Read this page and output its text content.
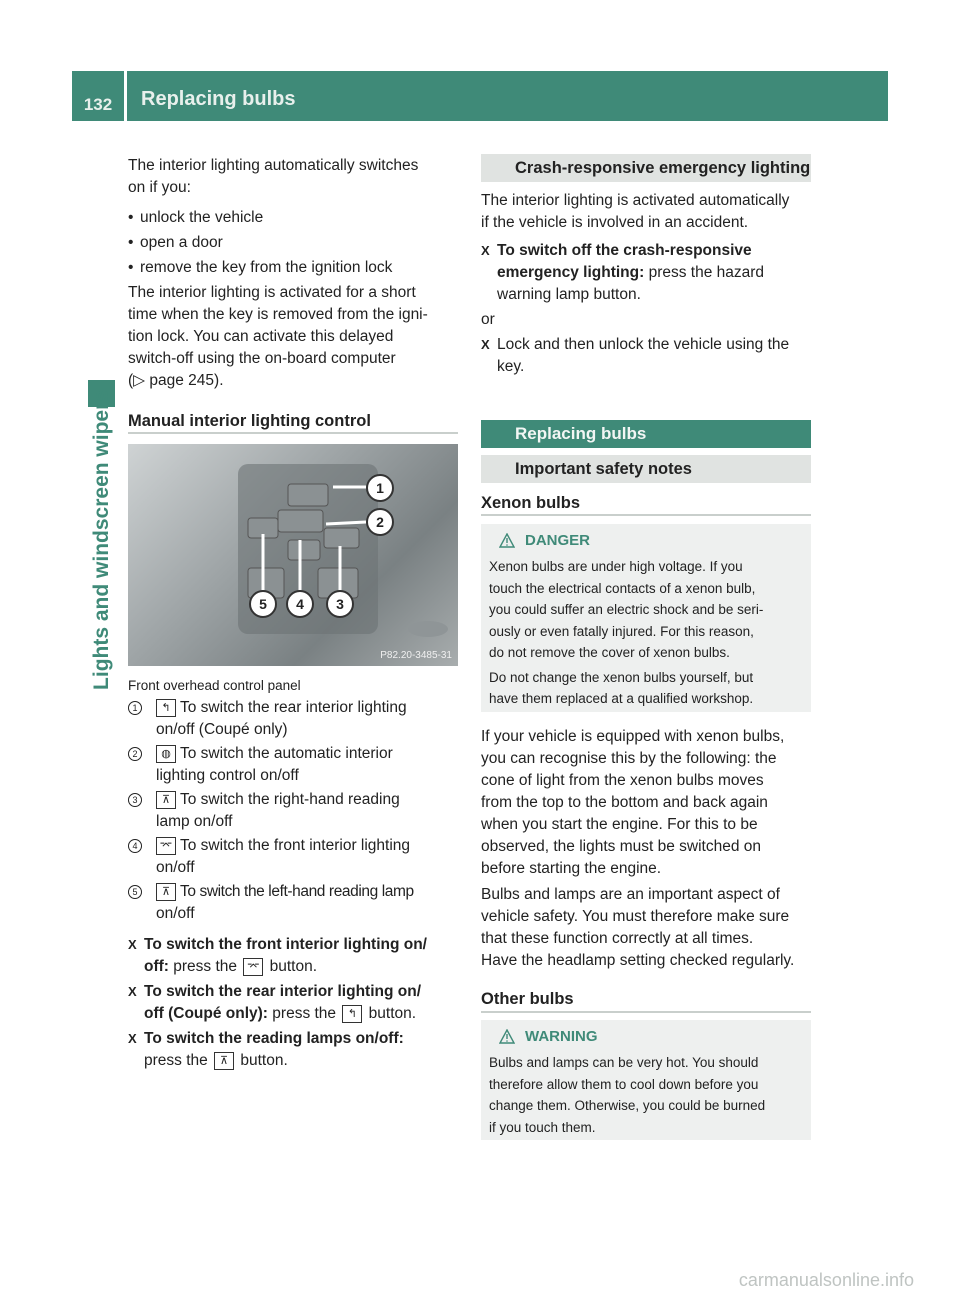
132	Replacing bulbs
Lights and windscreen wipers
The interior lighting automatically switches
on if you:
• unlock the vehicle
• open a door
• remove the key from the ignition lock
The interior lighting is activated for a short
time when the key is removed from the igni-
tion lock. You can activate this delayed
switch-off using the on-board computer
(▷ page 245).
Manual interior lighting control
1
2
3
4
5
P82.20-3485-31
Front overhead control panel
1	↰ To switch the rear interior lighting
on/off (Coupé only)
2	◍ To switch the automatic interior
lighting control on/off
3	⊼ To switch the right-hand reading
lamp on/off
4	⌤ To switch the front interior lighting
on/off
5	⊼ To switch the left-hand reading lamp
on/off
X To switch the front interior lighting on/
off: press the ⌤ button.
X To switch the rear interior lighting on/
off (Coupé only): press the ↰ button.
X To switch the reading lamps on/off:
press the ⊼ button.
Crash-responsive emergency lighting
The interior lighting is activated automatically
if the vehicle is involved in an accident.
X To switch off the crash-responsive
emergency lighting: press the hazard
warning lamp button.
or
X Lock and then unlock the vehicle using the
key.
Replacing bulbs
Important safety notes
Xenon bulbs
DANGER
Xenon bulbs are under high voltage. If you
touch the electrical contacts of a xenon bulb,
you could suffer an electric shock and be seri-
ously or even fatally injured. For this reason,
do not remove the cover of xenon bulbs.
Do not change the xenon bulbs yourself, but
have them replaced at a qualified workshop.
If your vehicle is equipped with xenon bulbs,
you can recognise this by the following: the
cone of light from the xenon bulbs moves
from the top to the bottom and back again
when you start the engine. For this to be
observed, the lights must be switched on
before starting the engine.
Bulbs and lamps are an important aspect of
vehicle safety. You must therefore make sure
that these function correctly at all times.
Have the headlamp setting checked regularly.
Other bulbs
WARNING
Bulbs and lamps can be very hot. You should
therefore allow them to cool down before you
change them. Otherwise, you could be burned
if you touch them.
carmanualsonline.info
